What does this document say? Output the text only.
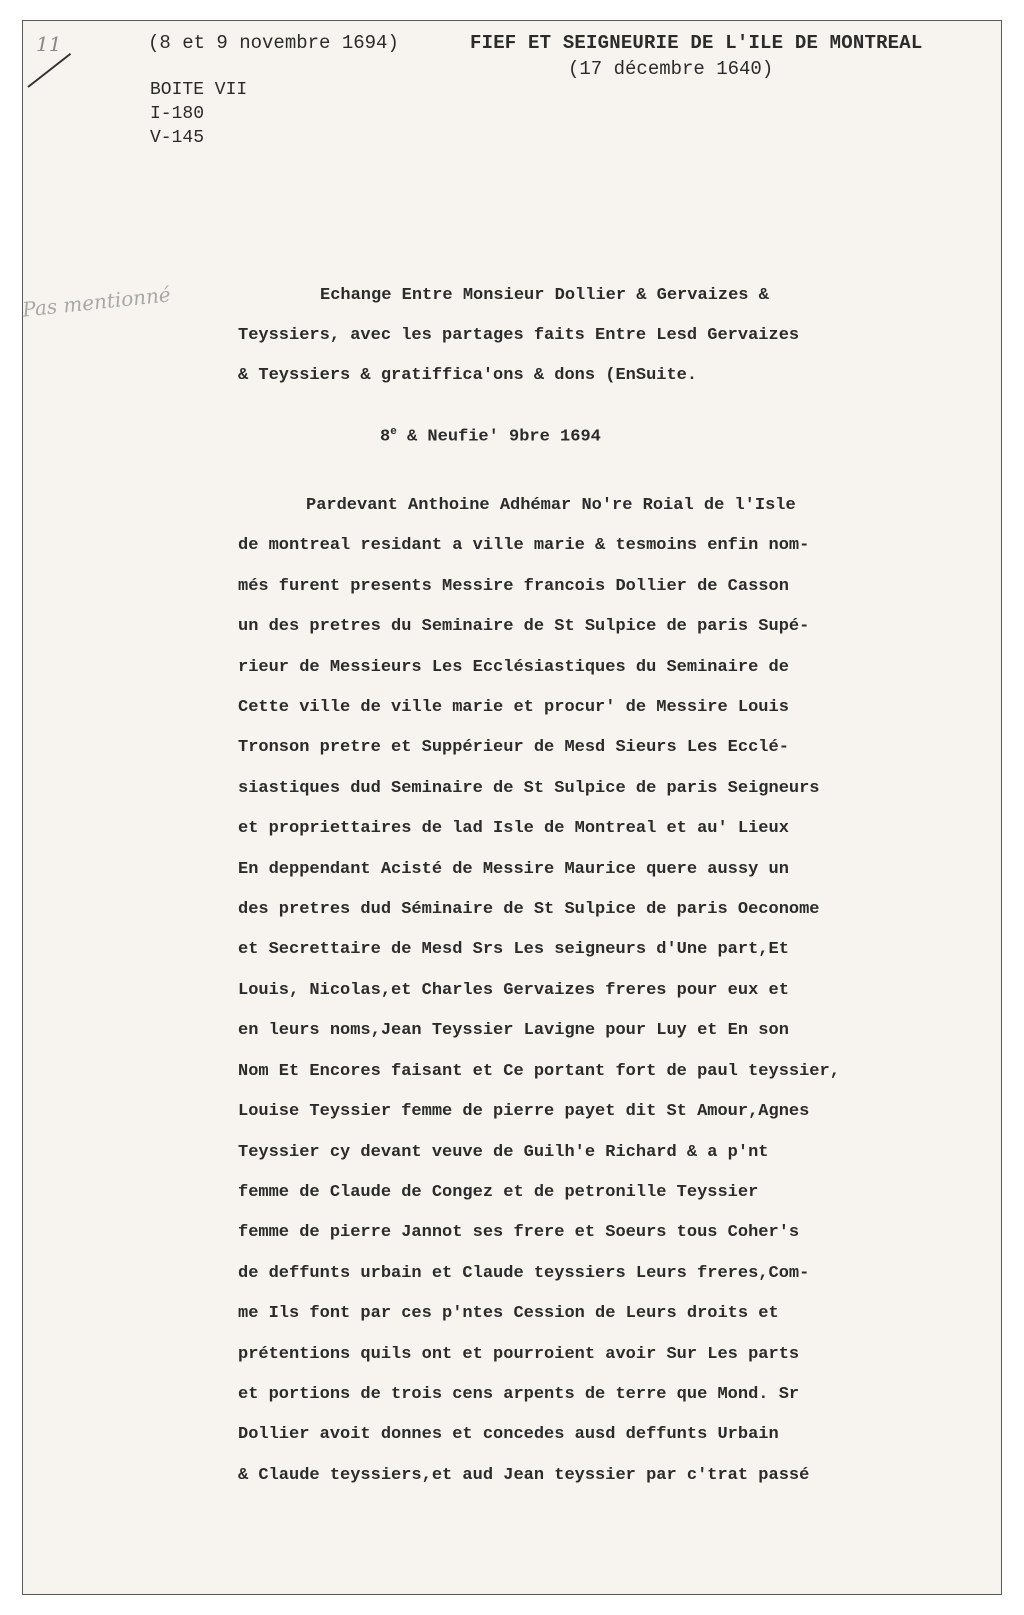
11
Pas mentionné
(8 et 9 novembre 1694)
BOITE VII
I-180
V-145
FIEF ET SEIGNEURIE DE L'ILE DE MONTREAL
(17 décembre 1640)
Echange Entre Monsieur Dollier & Gervaizes &
Teyssiers, avec les partages faits Entre Lesd Gervaizes
& Teyssiers & gratiffica'ons & dons (EnSuite.
8e & Neufie' 9bre 1694
Pardevant Anthoine Adhémar No're Roial de l'Isle
de montreal residant a ville marie & tesmoins enfin nom-
més furent presents Messire francois Dollier de Casson
un des pretres du Seminaire de St Sulpice de paris Supé-
rieur de Messieurs Les Ecclésiastiques du Seminaire de
Cette ville de ville marie et procur' de Messire Louis
Tronson pretre et Suppérieur de Mesd Sieurs Les Ecclé-
siastiques dud Seminaire de St Sulpice de paris Seigneurs
et propriettaires de lad Isle de Montreal et au' Lieux
En deppendant Acisté de Messire Maurice quere aussy un
des pretres dud Séminaire de St Sulpice de paris Oeconome
et Secrettaire de Mesd Srs Les seigneurs d'Une part,Et
Louis, Nicolas,et Charles Gervaizes freres pour eux et
en leurs noms,Jean Teyssier Lavigne pour Luy et En son
Nom Et Encores faisant et Ce portant fort de paul teyssier,
Louise Teyssier femme de pierre payet dit St Amour,Agnes
Teyssier cy devant veuve de Guilh'e Richard & a p'nt
femme de Claude de Congez et de petronille Teyssier
femme de pierre Jannot ses frere et Soeurs tous Coher's
de deffunts urbain et Claude teyssiers Leurs freres,Com-
me Ils font par ces p'ntes Cession de Leurs droits et
prétentions quils ont et pourroient avoir Sur Les parts
et portions de trois cens arpents de terre que Mond. Sr
Dollier avoit donnes et concedes ausd deffunts Urbain
& Claude teyssiers,et aud Jean teyssier par c'trat passé
